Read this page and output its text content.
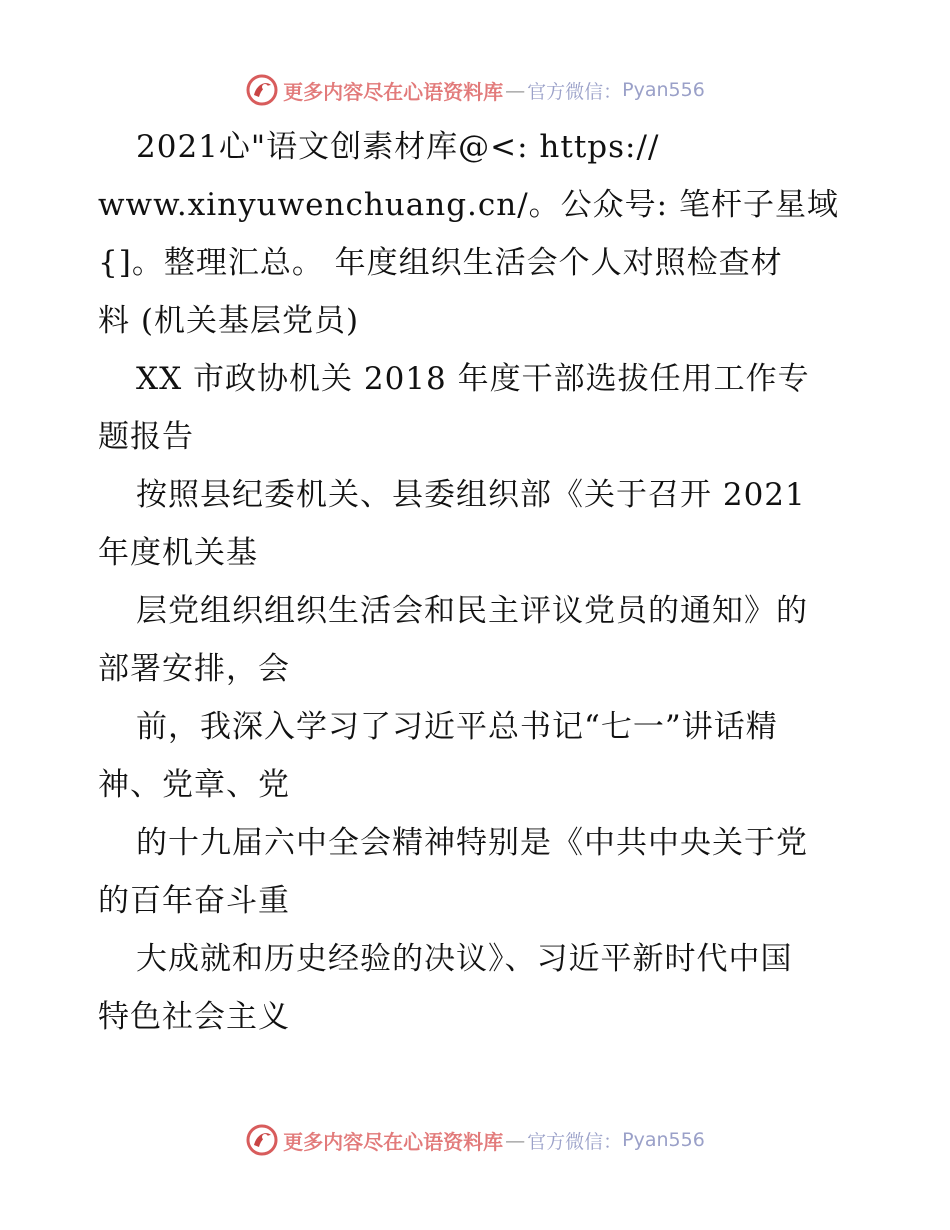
更多内容尽在心语资料库 — 官方微信： Pyan556
2021心"语文创素材库@<: https://
www.xinyuwenchuang.cn/。公众号: 笔杆子星域
{]。整理汇总。 年度组织生活会个人对照检查材
料 (机关基层党员)
XX 市政协机关 2018 年度干部选拔任用工作专
题报告
按照县纪委机关、县委组织部《关于召开 2021
年度机关基
层党组织组织生活会和民主评议党员的通知》的
部署安排，会
前，我深入学习了习近平总书记“七一”讲话精
神、党章、党
的十九届六中全会精神特别是《中共中央关于党
的百年奋斗重
大成就和历史经验的决议》、习近平新时代中国
特色社会主义
更多内容尽在心语资料库 — 官方微信： Pyan556
